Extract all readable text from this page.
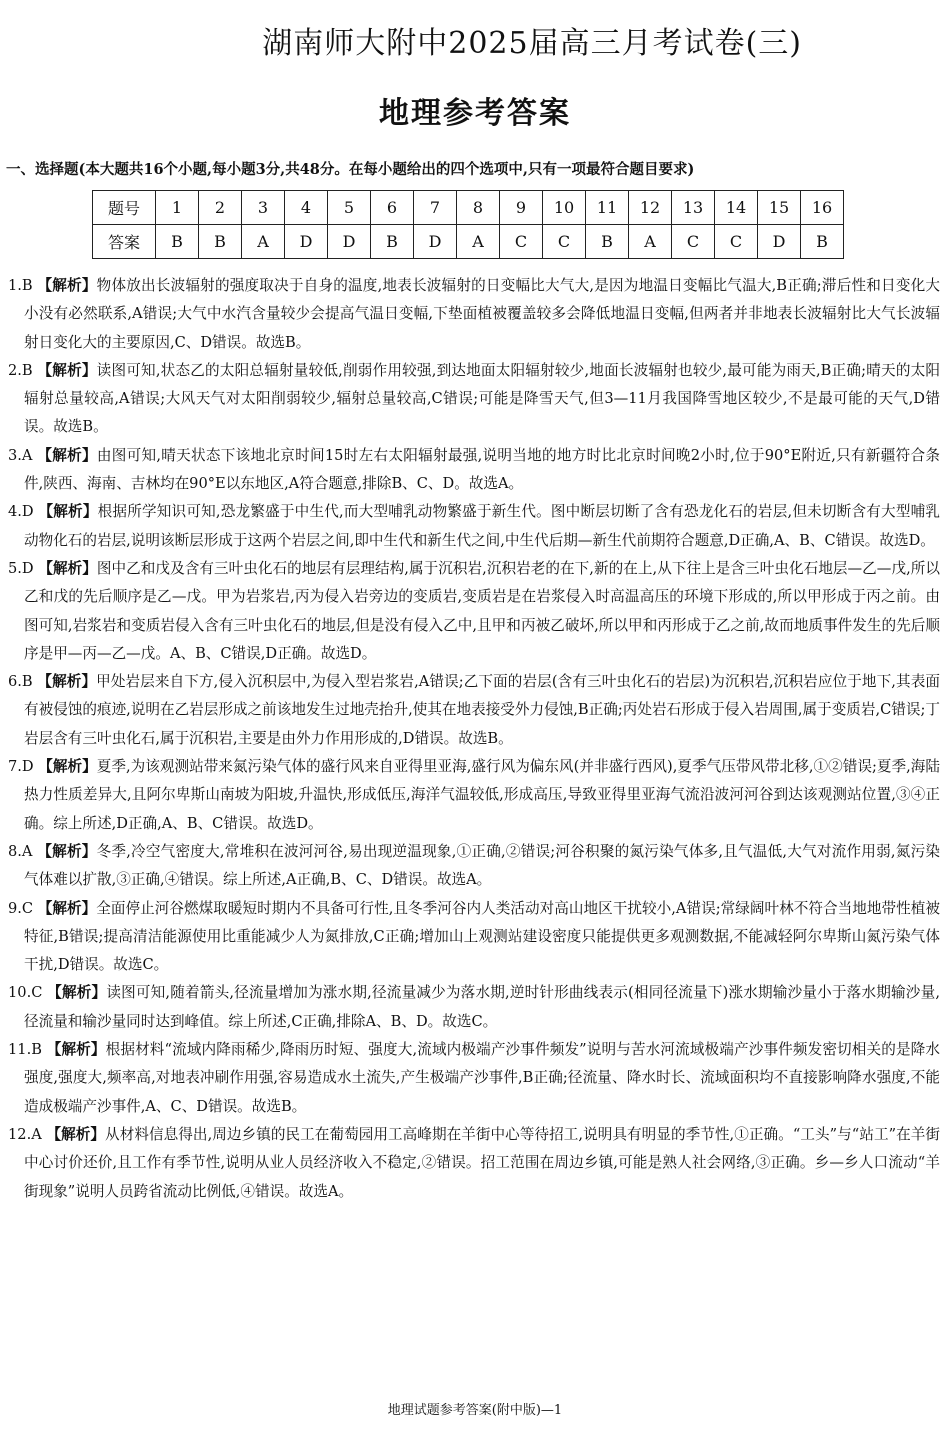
湖南师大附中2025届高三月考试卷(三)
地理参考答案
一、选择题(本大题共16个小题,每小题3分,共48分。在每小题给出的四个选项中,只有一项最符合题目要求)
题号	1	2	3	4	5	6	7	8	9	10	11	12	13	14	15	16
答案	B	B	A	D	D	B	D	A	C	C	B	A	C	C	D	B

1.B 【解析】物体放出长波辐射的强度取决于自身的温度,地表长波辐射的日变幅比大气大,是因为地温日变幅比气温大,B正确;滞后性和日变化大小没有必然联系,A错误;大气中水汽含量较少会提高气温日变幅,下垫面植被覆盖较多会降低地温日变幅,但两者并非地表长波辐射比大气长波辐射日变化大的主要原因,C、D错误。故选B。

2.B 【解析】读图可知,状态乙的太阳总辐射量较低,削弱作用较强,到达地面太阳辐射较少,地面长波辐射也较少,最可能为雨天,B正确;晴天的太阳辐射总量较高,A错误;大风天气对太阳削弱较少,辐射总量较高,C错误;可能是降雪天气,但3—11月我国降雪地区较少,不是最可能的天气,D错误。故选B。

3.A 【解析】由图可知,晴天状态下该地北京时间15时左右太阳辐射最强,说明当地的地方时比北京时间晚2小时,位于90°E附近,只有新疆符合条件,陕西、海南、吉林均在90°E以东地区,A符合题意,排除B、C、D。故选A。

4.D 【解析】根据所学知识可知,恐龙繁盛于中生代,而大型哺乳动物繁盛于新生代。图中断层切断了含有恐龙化石的岩层,但未切断含有大型哺乳动物化石的岩层,说明该断层形成于这两个岩层之间,即中生代和新生代之间,中生代后期—新生代前期符合题意,D正确,A、B、C错误。故选D。

5.D 【解析】图中乙和戊及含有三叶虫化石的地层有层理结构,属于沉积岩,沉积岩老的在下,新的在上,从下往上是含三叶虫化石地层—乙—戊,所以乙和戊的先后顺序是乙—戊。甲为岩浆岩,丙为侵入岩旁边的变质岩,变质岩是在岩浆侵入时高温高压的环境下形成的,所以甲形成于丙之前。由图可知,岩浆岩和变质岩侵入含有三叶虫化石的地层,但是没有侵入乙中,且甲和丙被乙破坏,所以甲和丙形成于乙之前,故而地质事件发生的先后顺序是甲—丙—乙—戊。A、B、C错误,D正确。故选D。

6.B 【解析】甲处岩层来自下方,侵入沉积层中,为侵入型岩浆岩,A错误;乙下面的岩层(含有三叶虫化石的岩层)为沉积岩,沉积岩应位于地下,其表面有被侵蚀的痕迹,说明在乙岩层形成之前该地发生过地壳抬升,使其在地表接受外力侵蚀,B正确;丙处岩石形成于侵入岩周围,属于变质岩,C错误;丁岩层含有三叶虫化石,属于沉积岩,主要是由外力作用形成的,D错误。故选B。

7.D 【解析】夏季,为该观测站带来氮污染气体的盛行风来自亚得里亚海,盛行风为偏东风(并非盛行西风),夏季气压带风带北移,①②错误;夏季,海陆热力性质差异大,且阿尔卑斯山南坡为阳坡,升温快,形成低压,海洋气温较低,形成高压,导致亚得里亚海气流沿波河河谷到达该观测站位置,③④正确。综上所述,D正确,A、B、C错误。故选D。

8.A 【解析】冬季,冷空气密度大,常堆积在波河河谷,易出现逆温现象,①正确,②错误;河谷积聚的氮污染气体多,且气温低,大气对流作用弱,氮污染气体难以扩散,③正确,④错误。综上所述,A正确,B、C、D错误。故选A。

9.C 【解析】全面停止河谷燃煤取暖短时期内不具备可行性,且冬季河谷内人类活动对高山地区干扰较小,A错误;常绿阔叶林不符合当地地带性植被特征,B错误;提高清洁能源使用比重能减少人为氮排放,C正确;增加山上观测站建设密度只能提供更多观测数据,不能减轻阿尔卑斯山氮污染气体干扰,D错误。故选C。

10.C 【解析】读图可知,随着箭头,径流量增加为涨水期,径流量减少为落水期,逆时针形曲线表示(相同径流量下)涨水期输沙量小于落水期输沙量,径流量和输沙量同时达到峰值。综上所述,C正确,排除A、B、D。故选C。

11.B 【解析】根据材料“流域内降雨稀少,降雨历时短、强度大,流域内极端产沙事件频发”说明与苦水河流域极端产沙事件频发密切相关的是降水强度,强度大,频率高,对地表冲刷作用强,容易造成水土流失,产生极端产沙事件,B正确;径流量、降水时长、流域面积均不直接影响降水强度,不能造成极端产沙事件,A、C、D错误。故选B。

12.A 【解析】从材料信息得出,周边乡镇的民工在葡萄园用工高峰期在羊街中心等待招工,说明具有明显的季节性,①正确。“工头”与“站工”在羊街中心讨价还价,且工作有季节性,说明从业人员经济收入不稳定,②错误。招工范围在周边乡镇,可能是熟人社会网络,③正确。乡—乡人口流动“羊街现象”说明人员跨省流动比例低,④错误。故选A。

地理试题参考答案(附中版)—1
